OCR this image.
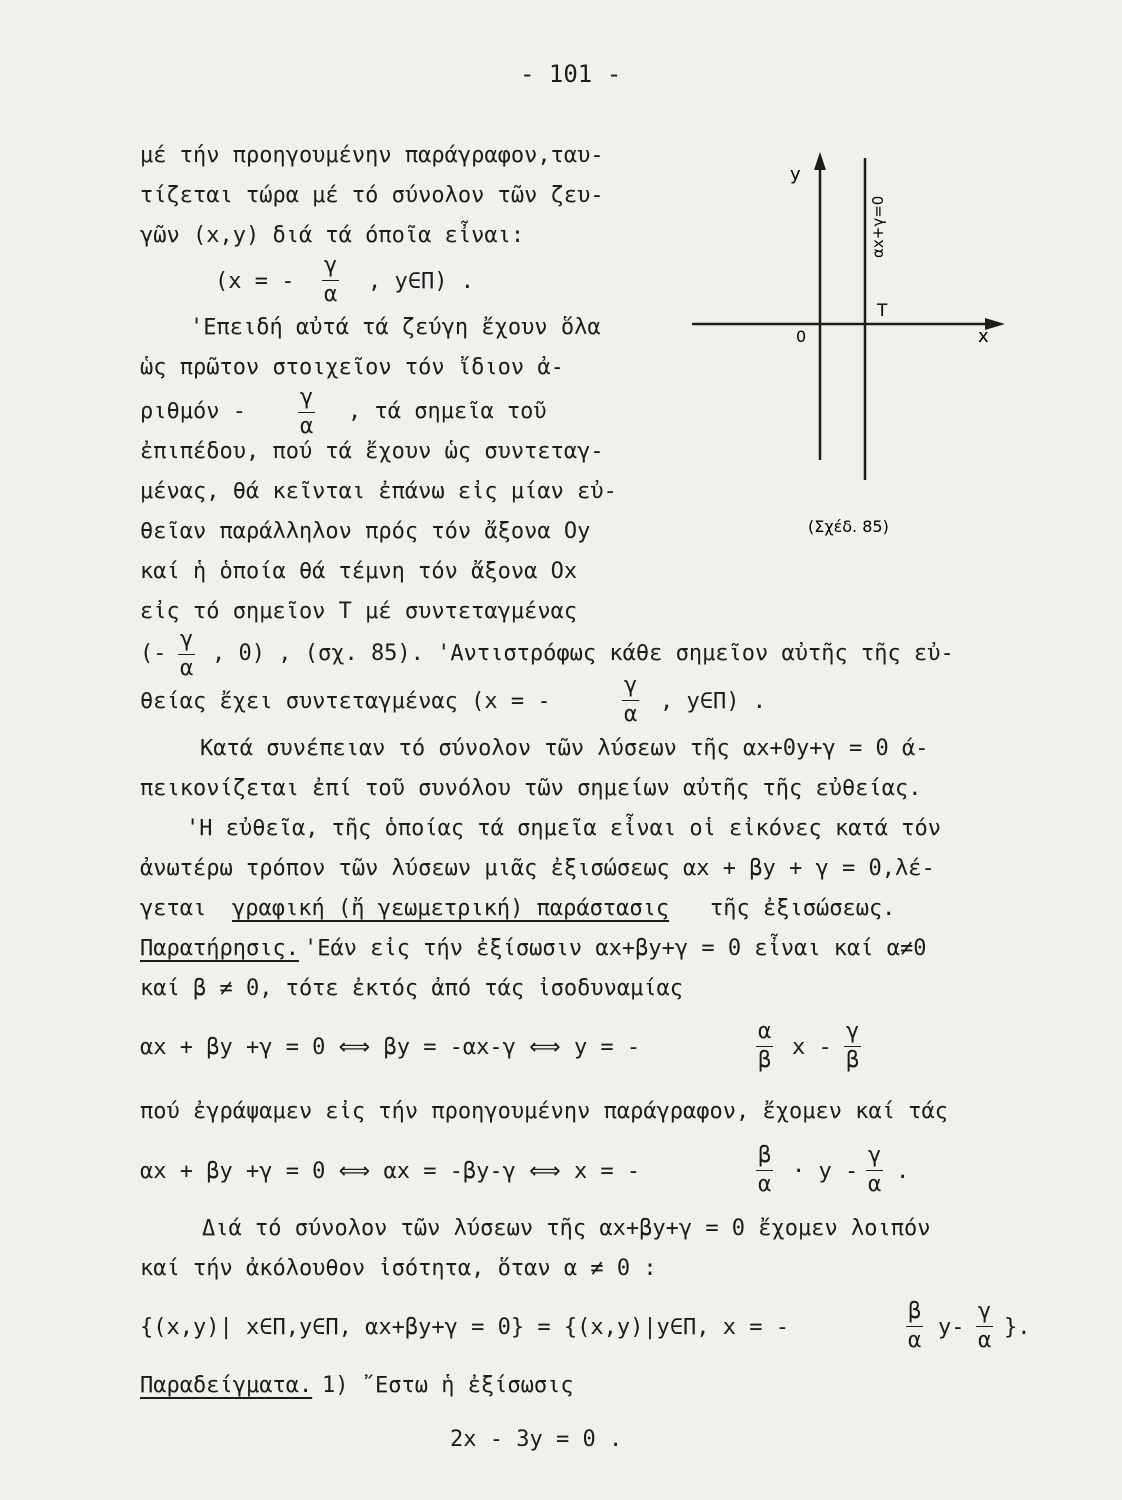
- 101 -
y
x
0
T
αx+γ=0
(Σχέδ. 85)
μέ τήν προηγουμένην παράγραφον,ταυ-
τίζεται τώρα μέ τό σύνολον τῶν ζευ-
γῶν (x,y) διά τά όποῖα εἶναι:
(x = - $\frac{\gamma}{\alpha}$ , y∈Π) .
'Επειδή αὐτά τά ζεύγη ἔχουν ὅλα
ὡς πρῶτον στοιχεῖον τόν ἴδιον ἀ-
ριθμόν - $\frac{\gamma}{\alpha}$ , τά σημεῖα τοῦ
ἐπιπέδου, πού τά ἔχουν ὡς συντεταγ-
μένας, θά κεῖνται ἐπάνω εἰς μίαν εὐ-
θεῖαν παράλληλον πρός τόν ἄξονα Oy
καί ἡ ὁποία θά τέμνη τόν ἄξονα Ox
εἰς τό σημεῖον T μέ συντεταγμένας
(- $\frac{\gamma}{\alpha}$ , 0) , (σχ. 85). 'Αντιστρόφως κάθε σημεῖον αὐτῆς τῆς εὐ-
θείας ἔχει συντεταγμένας (x = -	$\frac{\gamma}{\alpha}$ , y∈Π) .
Κατά συνέπειαν τό σύνολον τῶν λύσεων τῆς αx+0y+γ = 0 ά-
πεικονίζεται ἐπί τοῦ συνόλου τῶν σημείων αὐτῆς τῆς εὐθείας.
'Η εὐθεῖα, τῆς ὁποίας τά σημεῖα εἶναι οἱ εἰκόνες κατά τόν
ἀνωτέρω τρόπον τῶν λύσεων μιᾶς ἐξισώσεως αx + βy + γ = 0,λέ-
γεται γραφική (ἤ γεωμετρική) παράστασις τῆς ἐξισώσεως.
Παρατήρησις. 'Εάν εἰς τήν ἐξίσωσιν αx+βy+γ = 0 εἶναι καί α≠0
καί β ≠ 0, τότε ἐκτός ἀπό τάς ἰσοδυναμίας
αx + βy +γ = 0 ⟺ βy = -αx-γ ⟺ y = -	$\frac{\alpha}{\beta}$ x - $\frac{\gamma}{\beta}$
πού ἐγράψαμεν εἰς τήν προηγουμένην παράγραφον, ἔχομεν καί τάς
αx + βy +γ = 0 ⟺ αx = -βy-γ ⟺ x = -	$\frac{\beta}{\alpha} \cdot y - \frac{\gamma}{\alpha}$ .
Διά τό σύνολον τῶν λύσεων τῆς αx+βy+γ = 0 ἔχομεν λοιπόν
καί τήν ἀκόλουθον ἰσότητα, ὅταν α ≠ 0 :
{(x,y)| x∈Π,y∈Π, αx+βy+γ = 0} = {(x,y)|y∈Π, x = -	$\frac{\beta}{\alpha} y- \frac{\gamma}{\alpha}$ }.
Παραδείγματα. 1) ῎Εστω ἡ ἐξίσωσις
2x - 3y = 0 .
